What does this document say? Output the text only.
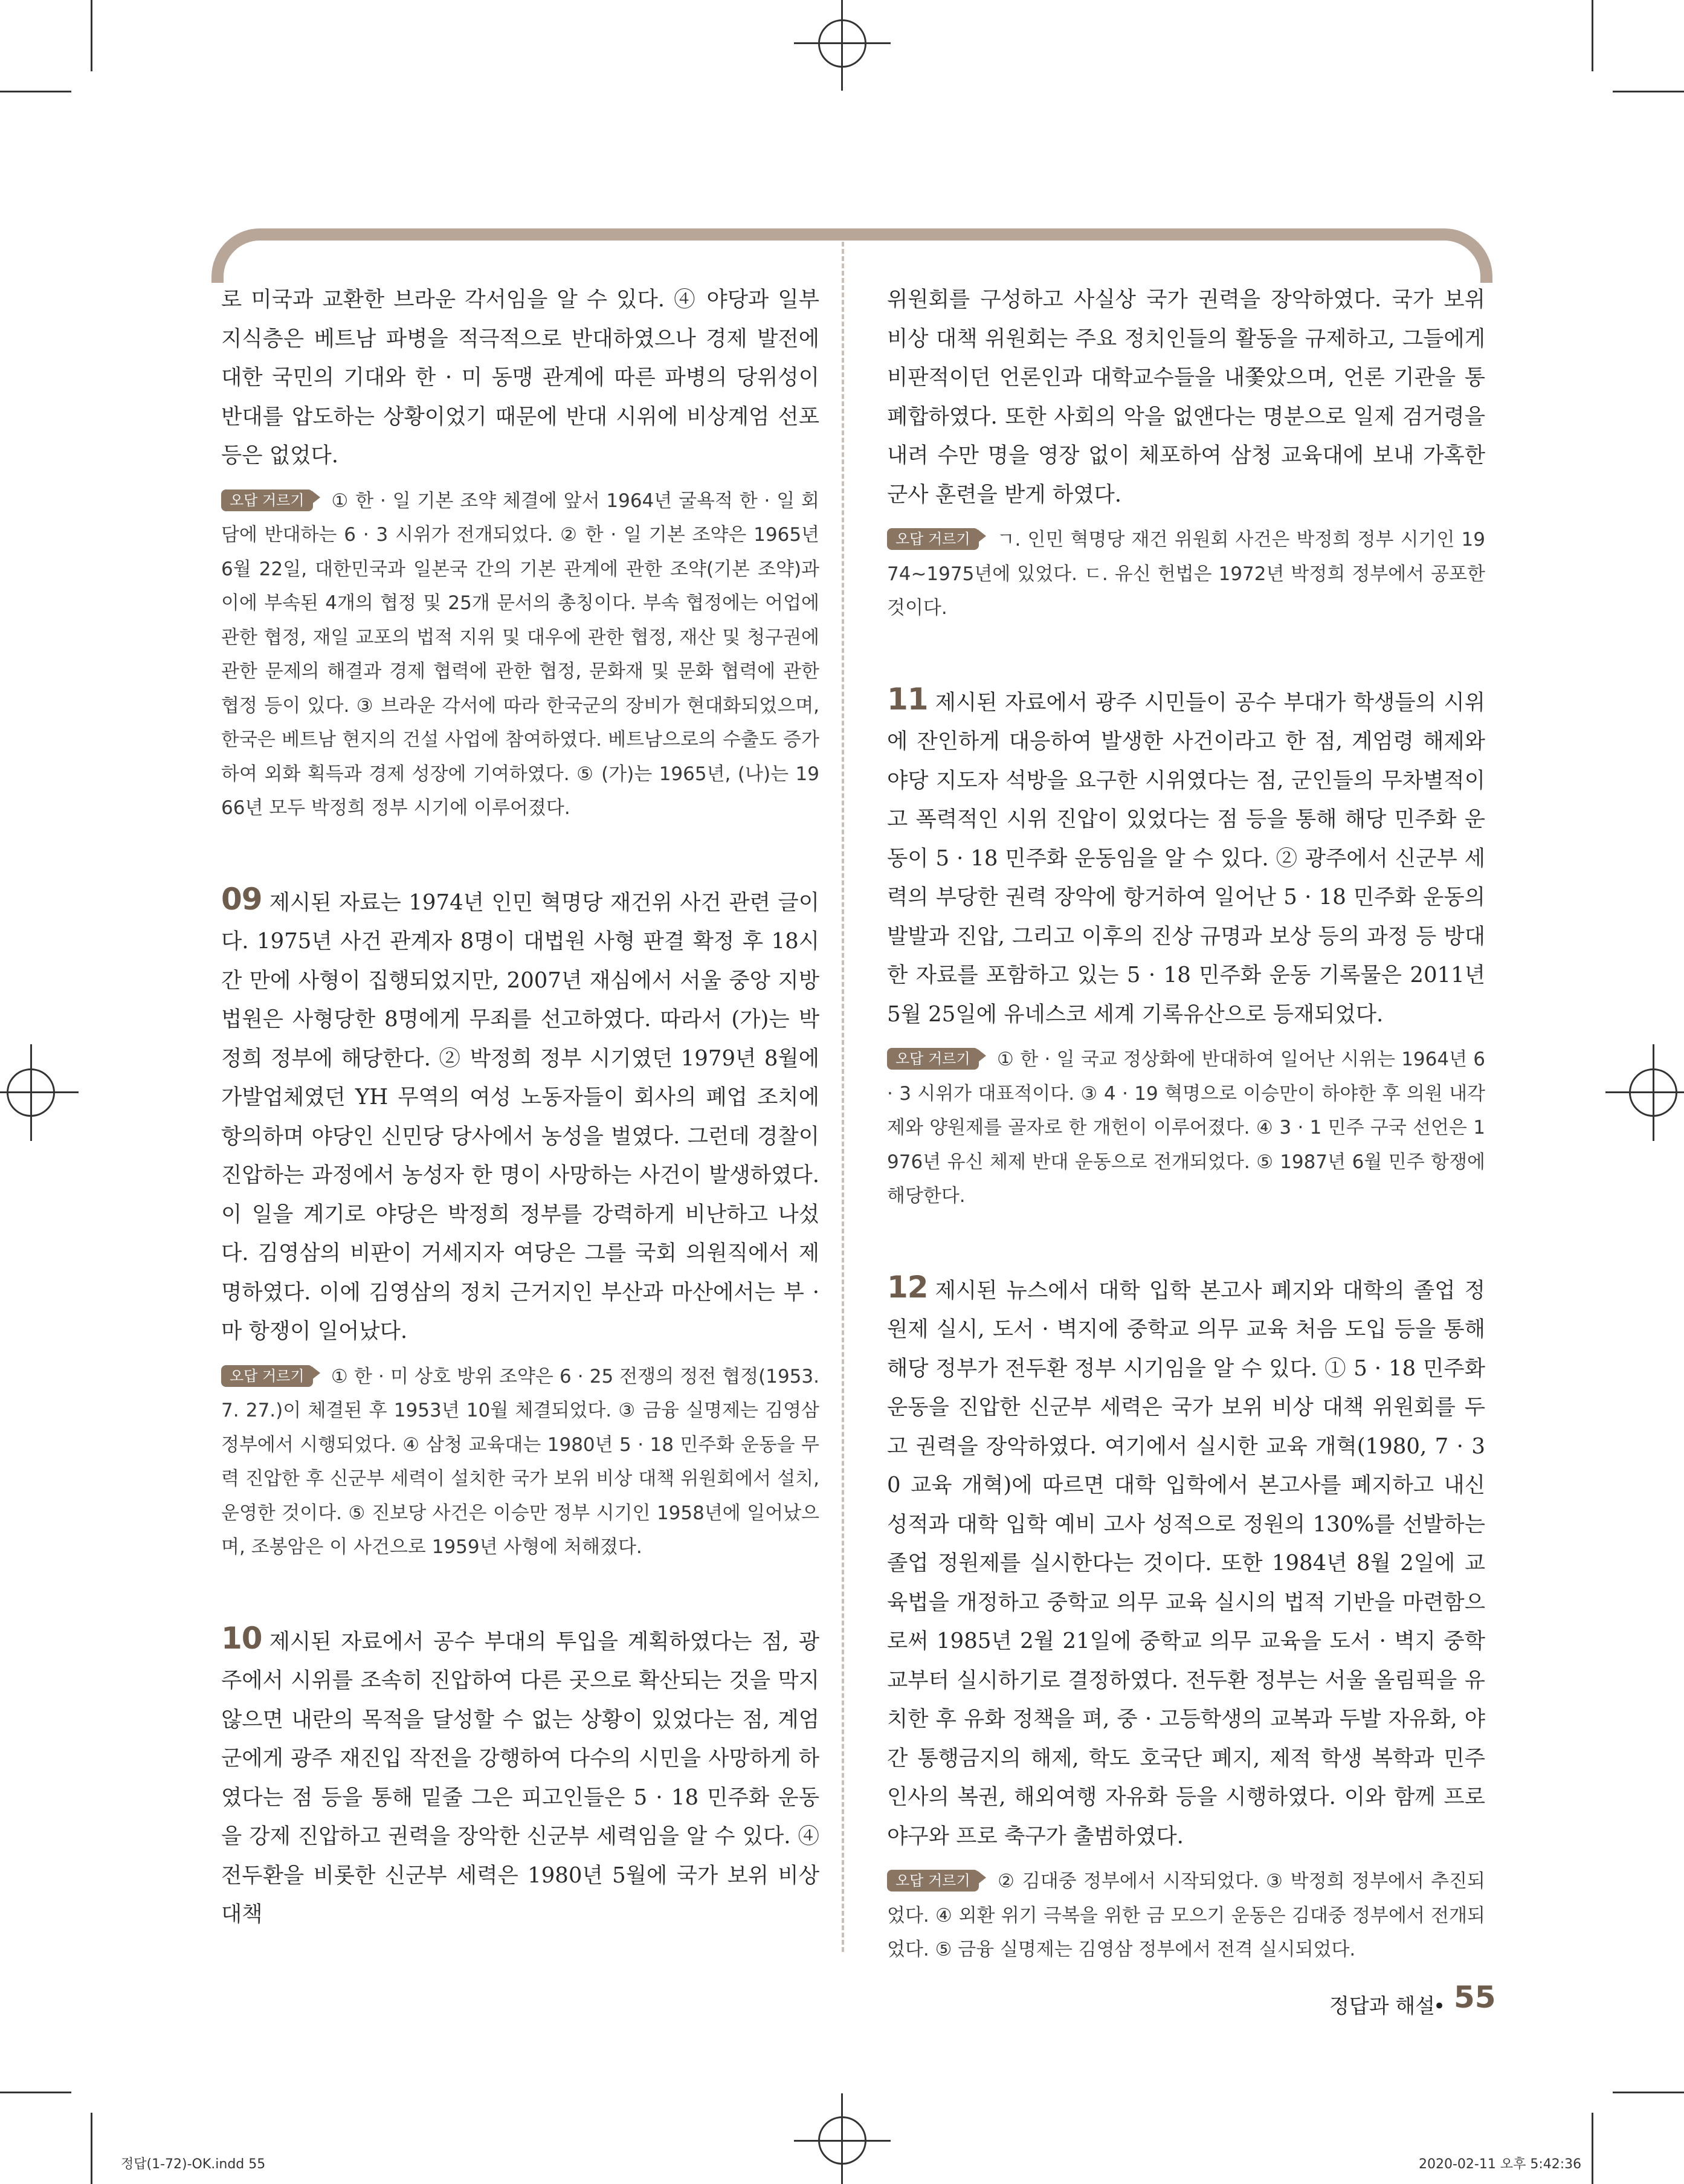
로 미국과 교환한 브라운 각서임을 알 수 있다. ④ 야당과 일부 지식층은 베트남 파병을 적극적으로 반대하였으나 경제 발전에 대한 국민의 기대와 한 · 미 동맹 관계에 따른 파병의 당위성이 반대를 압도하는 상황이었기 때문에 반대 시위에 비상계엄 선포 등은 없었다.

오답 거르기 ① 한 · 일 기본 조약 체결에 앞서 1964년 굴욕적 한 · 일 회담에 반대하는 6 · 3 시위가 전개되었다. ② 한 · 일 기본 조약은 1965년 6월 22일, 대한민국과 일본국 간의 기본 관계에 관한 조약(기본 조약)과 이에 부속된 4개의 협정 및 25개 문서의 총칭이다. 부속 협정에는 어업에 관한 협정, 재일 교포의 법적 지위 및 대우에 관한 협정, 재산 및 청구권에 관한 문제의 해결과 경제 협력에 관한 협정, 문화재 및 문화 협력에 관한 협정 등이 있다. ③ 브라운 각서에 따라 한국군의 장비가 현대화되었으며, 한국은 베트남 현지의 건설 사업에 참여하였다. 베트남으로의 수출도 증가하여 외화 획득과 경제 성장에 기여하였다. ⑤ (가)는 1965년, (나)는 1966년 모두 박정희 정부 시기에 이루어졌다.

09 제시된 자료는 1974년 인민 혁명당 재건위 사건 관련 글이다. 1975년 사건 관계자 8명이 대법원 사형 판결 확정 후 18시간 만에 사형이 집행되었지만, 2007년 재심에서 서울 중앙 지방 법원은 사형당한 8명에게 무죄를 선고하였다. 따라서 (가)는 박정희 정부에 해당한다. ② 박정희 정부 시기였던 1979년 8월에 가발업체였던 YH 무역의 여성 노동자들이 회사의 폐업 조치에 항의하며 야당인 신민당 당사에서 농성을 벌였다. 그런데 경찰이 진압하는 과정에서 농성자 한 명이 사망하는 사건이 발생하였다. 이 일을 계기로 야당은 박정희 정부를 강력하게 비난하고 나섰다. 김영삼의 비판이 거세지자 여당은 그를 국회 의원직에서 제명하였다. 이에 김영삼의 정치 근거지인 부산과 마산에서는 부 · 마 항쟁이 일어났다.

오답 거르기 ① 한 · 미 상호 방위 조약은 6 · 25 전쟁의 정전 협정(1953. 7. 27.)이 체결된 후 1953년 10월 체결되었다. ③ 금융 실명제는 김영삼 정부에서 시행되었다. ④ 삼청 교육대는 1980년 5 · 18 민주화 운동을 무력 진압한 후 신군부 세력이 설치한 국가 보위 비상 대책 위원회에서 설치, 운영한 것이다. ⑤ 진보당 사건은 이승만 정부 시기인 1958년에 일어났으며, 조봉암은 이 사건으로 1959년 사형에 처해졌다.

10 제시된 자료에서 공수 부대의 투입을 계획하였다는 점, 광주에서 시위를 조속히 진압하여 다른 곳으로 확산되는 것을 막지 않으면 내란의 목적을 달성할 수 없는 상황이 있었다는 점, 계엄군에게 광주 재진입 작전을 강행하여 다수의 시민을 사망하게 하였다는 점 등을 통해 밑줄 그은 피고인들은 5 · 18 민주화 운동을 강제 진압하고 권력을 장악한 신군부 세력임을 알 수 있다. ④ 전두환을 비롯한 신군부 세력은 1980년 5월에 국가 보위 비상 대책

위원회를 구성하고 사실상 국가 권력을 장악하였다. 국가 보위 비상 대책 위원회는 주요 정치인들의 활동을 규제하고, 그들에게 비판적이던 언론인과 대학교수들을 내쫓았으며, 언론 기관을 통폐합하였다. 또한 사회의 악을 없앤다는 명분으로 일제 검거령을 내려 수만 명을 영장 없이 체포하여 삼청 교육대에 보내 가혹한 군사 훈련을 받게 하였다.

오답 거르기 ㄱ. 인민 혁명당 재건 위원회 사건은 박정희 정부 시기인 1974~1975년에 있었다. ㄷ. 유신 헌법은 1972년 박정희 정부에서 공포한 것이다.

11 제시된 자료에서 광주 시민들이 공수 부대가 학생들의 시위에 잔인하게 대응하여 발생한 사건이라고 한 점, 계엄령 해제와 야당 지도자 석방을 요구한 시위였다는 점, 군인들의 무차별적이고 폭력적인 시위 진압이 있었다는 점 등을 통해 해당 민주화 운동이 5 · 18 민주화 운동임을 알 수 있다. ② 광주에서 신군부 세력의 부당한 권력 장악에 항거하여 일어난 5 · 18 민주화 운동의 발발과 진압, 그리고 이후의 진상 규명과 보상 등의 과정 등 방대한 자료를 포함하고 있는 5 · 18 민주화 운동 기록물은 2011년 5월 25일에 유네스코 세계 기록유산으로 등재되었다.

오답 거르기 ① 한 · 일 국교 정상화에 반대하여 일어난 시위는 1964년 6 · 3 시위가 대표적이다. ③ 4 · 19 혁명으로 이승만이 하야한 후 의원 내각제와 양원제를 골자로 한 개헌이 이루어졌다. ④ 3 · 1 민주 구국 선언은 1976년 유신 체제 반대 운동으로 전개되었다. ⑤ 1987년 6월 민주 항쟁에 해당한다.

12 제시된 뉴스에서 대학 입학 본고사 폐지와 대학의 졸업 정원제 실시, 도서 · 벽지에 중학교 의무 교육 처음 도입 등을 통해 해당 정부가 전두환 정부 시기임을 알 수 있다. ① 5 · 18 민주화 운동을 진압한 신군부 세력은 국가 보위 비상 대책 위원회를 두고 권력을 장악하였다. 여기에서 실시한 교육 개혁(1980, 7 · 30 교육 개혁)에 따르면 대학 입학에서 본고사를 폐지하고 내신 성적과 대학 입학 예비 고사 성적으로 정원의 130%를 선발하는 졸업 정원제를 실시한다는 것이다. 또한 1984년 8월 2일에 교육법을 개정하고 중학교 의무 교육 실시의 법적 기반을 마련함으로써 1985년 2월 21일에 중학교 의무 교육을 도서 · 벽지 중학교부터 실시하기로 결정하였다. 전두환 정부는 서울 올림픽을 유치한 후 유화 정책을 펴, 중 · 고등학생의 교복과 두발 자유화, 야간 통행금지의 해제, 학도 호국단 폐지, 제적 학생 복학과 민주 인사의 복권, 해외여행 자유화 등을 시행하였다. 이와 함께 프로 야구와 프로 축구가 출범하였다.

오답 거르기 ② 김대중 정부에서 시작되었다. ③ 박정희 정부에서 추진되었다. ④ 외환 위기 극복을 위한 금 모으기 운동은 김대중 정부에서 전개되었다. ⑤ 금융 실명제는 김영삼 정부에서 전격 실시되었다.

정답과 해설
• 55
정답(1-72)-OK.indd 55	2020-02-11 오후 5:42:36
